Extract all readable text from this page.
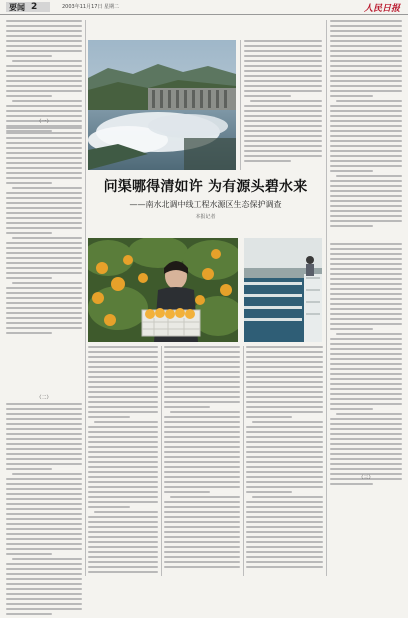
要闻 2	2003年11月17日 星期二	人民日报
（一）
（二）
问渠哪得清如许 为有源头碧水来
——南水北调中线工程水源区生态保护调查
本报记者
（三）
